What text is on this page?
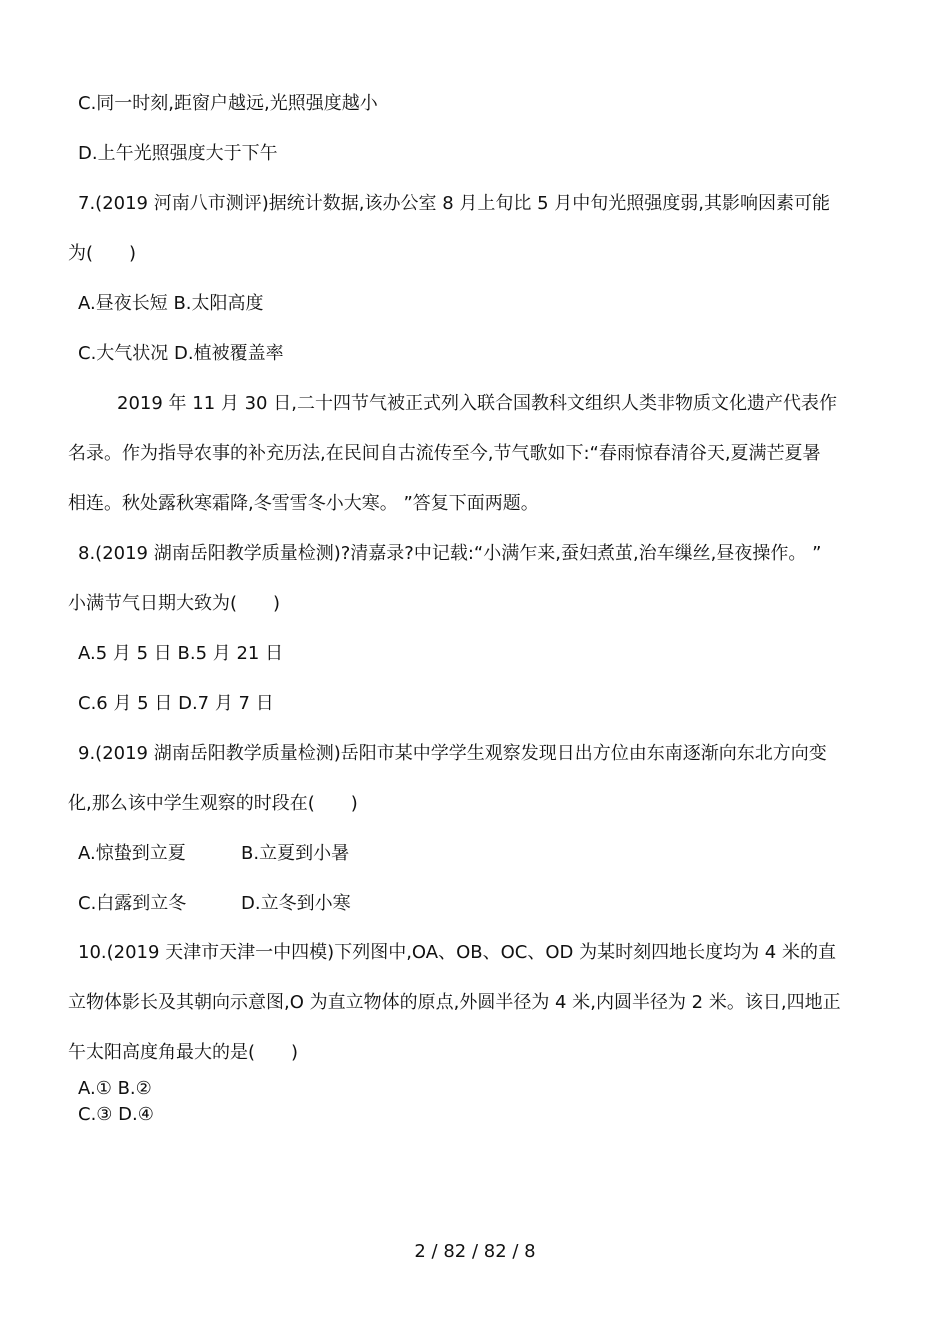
C.同一时刻,距窗户越远,光照强度越小
D.上午光照强度大于下午
7.(2019 河南八市测评)据统计数据,该办公室 8 月上旬比 5 月中旬光照强度弱,其影响因素可能
为(　　)
A.昼夜长短 B.太阳高度
C.大气状况 D.植被覆盖率
2019 年 11 月 30 日,二十四节气被正式列入联合国教科文组织人类非物质文化遗产代表作
名录。作为指导农事的补充历法,在民间自古流传至今,节气歌如下:“春雨惊春清谷天,夏满芒夏暑
相连。秋处露秋寒霜降,冬雪雪冬小大寒。 ”答复下面两题。
8.(2019 湖南岳阳教学质量检测)?清嘉录?中记载:“小满乍来,蚕妇煮茧,治车缫丝,昼夜操作。 ”
小满节气日期大致为(　　)
A.5 月 5 日 B.5 月 21 日
C.6 月 5 日 D.7 月 7 日
9.(2019 湖南岳阳教学质量检测)岳阳市某中学学生观察发现日出方位由东南逐渐向东北方向变
化,那么该中学生观察的时段在(　　)
A.惊蛰到立夏	B.立夏到小暑
C.白露到立冬	D.立冬到小寒
10.(2019 天津市天津一中四模)下列图中,OA、OB、OC、OD 为某时刻四地长度均为 4 米的直
立物体影长及其朝向示意图,O 为直立物体的原点,外圆半径为 4 米,内圆半径为 2 米。该日,四地正
午太阳高度角最大的是(　　)
A.① B.②
C.③ D.④
2 / 82 / 82 / 8
